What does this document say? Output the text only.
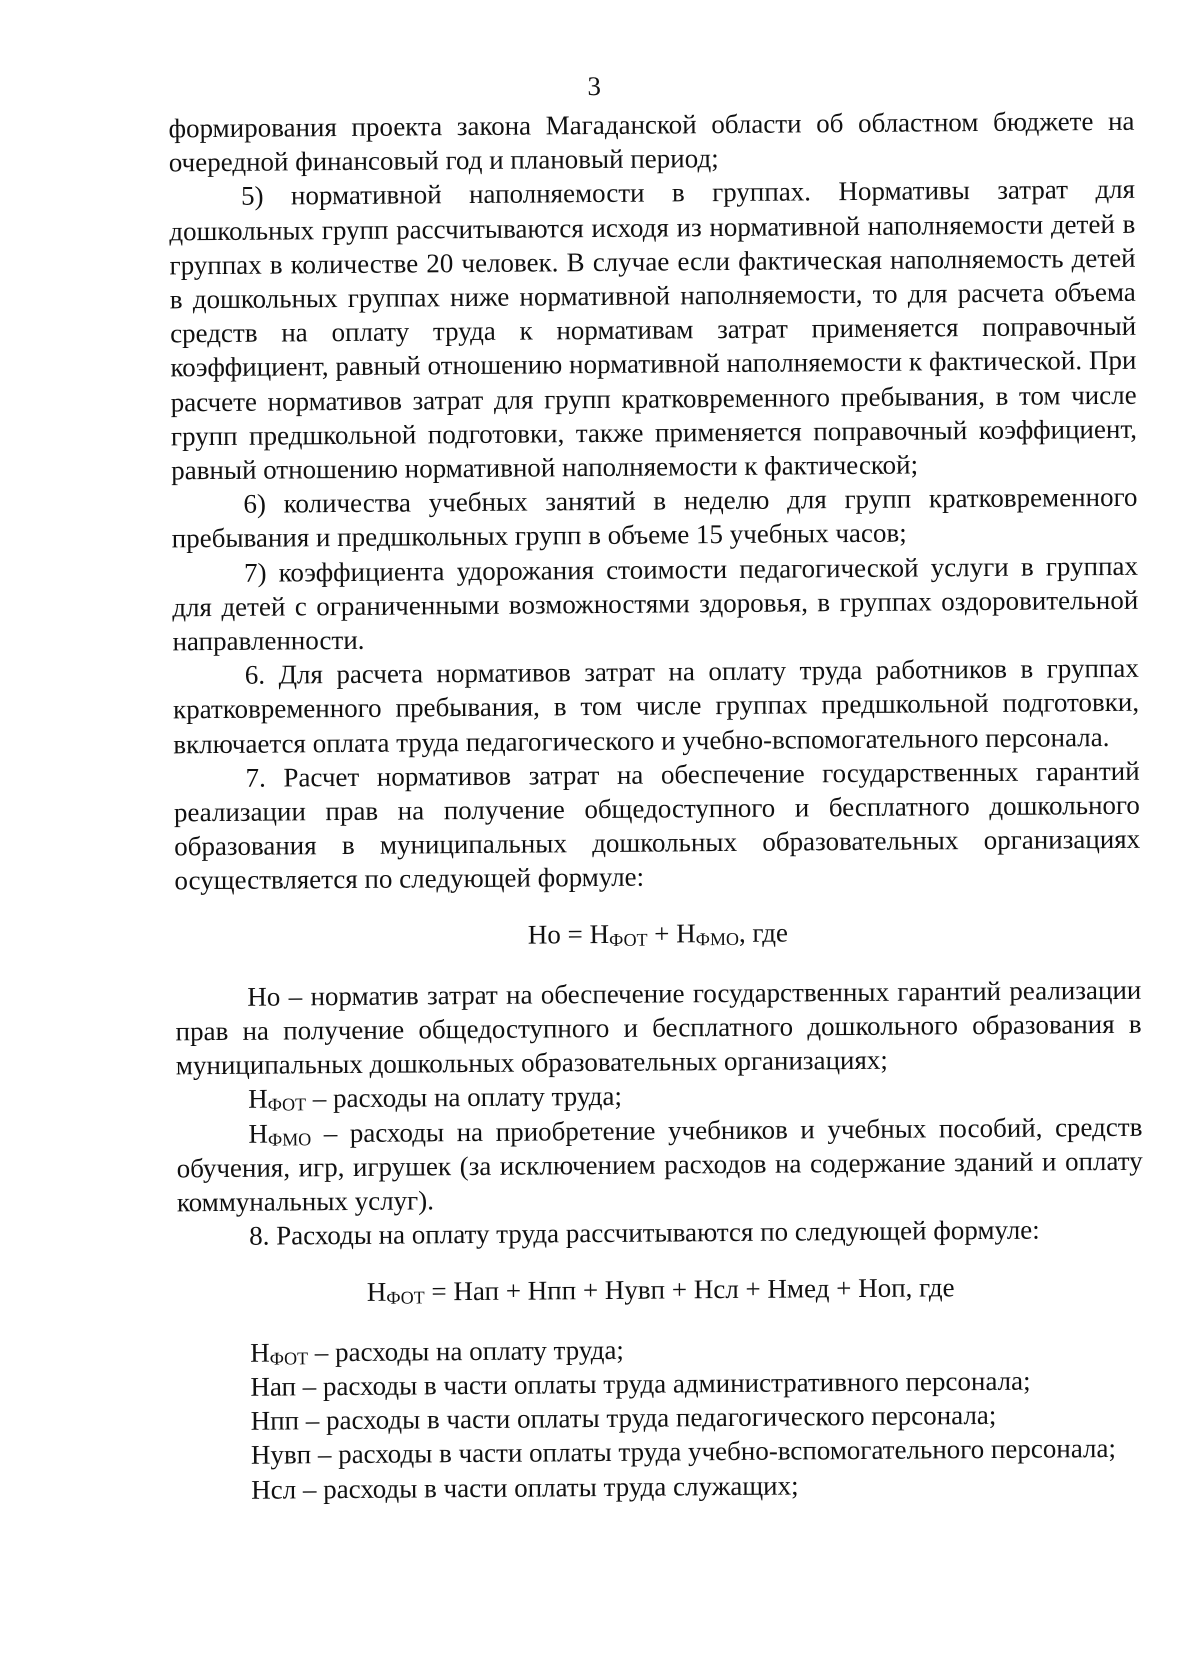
3

формирования проекта закона Магаданской области об областном бюджете на очередной финансовый год и плановый период;

5) нормативной наполняемости в группах. Нормативы затрат для дошкольных групп рассчитываются исходя из нормативной наполняемости детей в группах в количестве 20 человек. В случае если фактическая наполняемость детей в дошкольных группах ниже нормативной наполняемости, то для расчета объема средств на оплату труда к нормативам затрат применяется поправочный коэффициент, равный отношению нормативной наполняемости к фактической. При расчете нормативов затрат для групп кратковременного пребывания, в том числе групп предшкольной подготовки, также применяется поправочный коэффициент, равный отношению нормативной наполняемости к фактической;

6) количества учебных занятий в неделю для групп кратковременного пребывания и предшкольных групп в объеме 15 учебных часов;

7) коэффициента удорожания стоимости педагогической услуги в группах для детей с ограниченными возможностями здоровья, в группах оздоровительной направленности.

6. Для расчета нормативов затрат на оплату труда работников в группах кратковременного пребывания, в том числе группах предшкольной подготовки, включается оплата труда педагогического и учебно-вспомогательного персонала.

7. Расчет нормативов затрат на обеспечение государственных гарантий реализации прав на получение общедоступного и бесплатного дошкольного образования в муниципальных дошкольных образовательных организациях осуществляется по следующей формуле:

Но = $Н_{ФОТ} + Н_{ФМО}$, где

Но – норматив затрат на обеспечение государственных гарантий реализации прав на получение общедоступного и бесплатного дошкольного образования в муниципальных дошкольных образовательных организациях;

$Н_{ФОТ}$ – расходы на оплату труда;

$Н_{ФМО}$ – расходы на приобретение учебников и учебных пособий, средств обучения, игр, игрушек (за исключением расходов на содержание зданий и оплату коммунальных услуг).

8. Расходы на оплату труда рассчитываются по следующей формуле:

$Н_{ФОТ}$ = Нап + Нпп + Нувп + Нсл + Нмед + Ноп, где

$Н_{ФОТ}$ – расходы на оплату труда;

Нап – расходы в части оплаты труда административного персонала;

Нпп – расходы в части оплаты труда педагогического персонала;

Нувп – расходы в части оплаты труда учебно-вспомогательного персонала;

Нсл – расходы в части оплаты труда служащих;
